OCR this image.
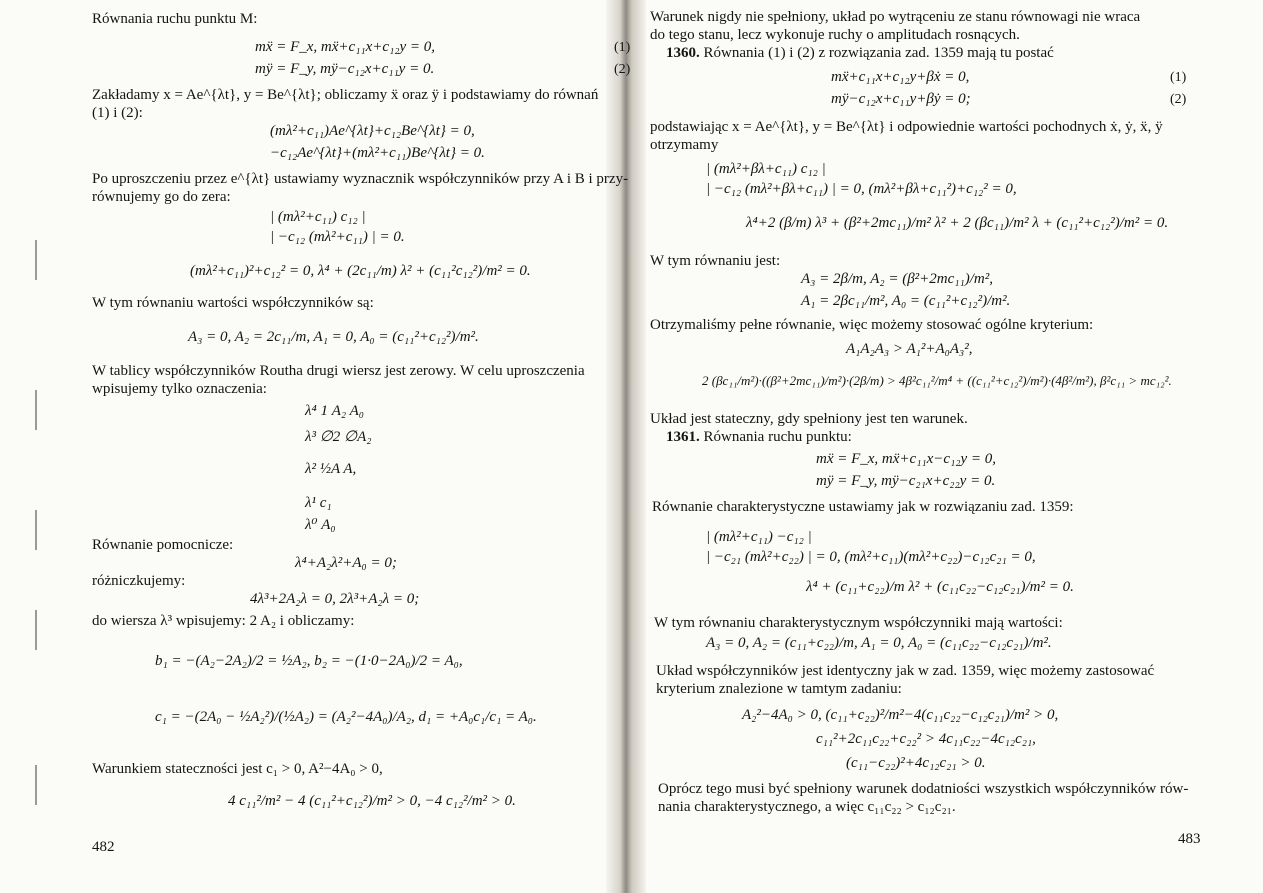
Równania ruchu punktu M:
mẍ = F_x, mẍ+c₁₁x+c₁₂y = 0,	(1)
mÿ = F_y, mÿ−c₁₂x+c₁₁y = 0.	(2)
Zakładamy x = Ae^{λt}, y = Be^{λt}; obliczamy ẍ oraz ÿ i podstawiamy do równań
(1) i (2):
(mλ²+c₁₁)Ae^{λt}+c₁₂Be^{λt} = 0,
−c₁₂Ae^{λt}+(mλ²+c₁₁)Be^{λt} = 0.
Po uproszczeniu przez e^{λt} ustawiamy wyznacznik współczynników przy A i B i przy-
równujemy go do zera:
| (mλ²+c₁₁) c₁₂ |
| −c₁₂ (mλ²+c₁₁) | = 0.
(mλ²+c₁₁)²+c₁₂² = 0, λ⁴ + (2c₁₁/m) λ² + (c₁₁²c₁₂²)/m² = 0.
W tym równaniu wartości współczynników są:
A₃ = 0, A₂ = 2c₁₁/m, A₁ = 0, A₀ = (c₁₁²+c₁₂²)/m².
W tablicy współczynników Routha drugi wiersz jest zerowy. W celu uproszczenia
wpisujemy tylko oznaczenia:
λ⁴ 1 A₂ A₀
λ³ ∅2 ∅A₂
λ² ½A A,
λ¹ c₁
λ⁰ A₀
Równanie pomocnicze:
λ⁴+A₂λ²+A₀ = 0;
różniczkujemy:
4λ³+2A₂λ = 0, 2λ³+A₂λ = 0;
do wiersza λ³ wpisujemy: 2 A₂ i obliczamy:
b₁ = −(A₂−2A₂)/2 = ½A₂, b₂ = −(1·0−2A₀)/2 = A₀,
c₁ = −(2A₀ − ½A₂²)/(½A₂) = (A₂²−4A₀)/A₂, d₁ = +A₀c₁/c₁ = A₀.
Warunkiem stateczności jest c₁ > 0, A²−4A₀ > 0,
4 c₁₁²/m² − 4 (c₁₁²+c₁₂²)/m² > 0, −4 c₁₂²/m² > 0.
482
Warunek nigdy nie spełniony, układ po wytrąceniu ze stanu równowagi nie wraca
do tego stanu, lecz wykonuje ruchy o amplitudach rosnących.
1360. Równania (1) i (2) z rozwiązania zad. 1359 mają tu postać
mẍ+c₁₁x+c₁₂y+βẋ = 0,	(1)
mÿ−c₁₂x+c₁₁y+βẏ = 0;	(2)
podstawiając x = Ae^{λt}, y = Be^{λt} i odpowiednie wartości pochodnych ẋ, ẏ, ẍ, ÿ
otrzymamy
| (mλ²+βλ+c₁₁) c₁₂ |
| −c₁₂ (mλ²+βλ+c₁₁) | = 0, (mλ²+βλ+c₁₁²)+c₁₂² = 0,
λ⁴+2 (β/m) λ³ + (β²+2mc₁₁)/m² λ² + 2 (βc₁₁)/m² λ + (c₁₁²+c₁₂²)/m² = 0.
W tym równaniu jest:
A₃ = 2β/m, A₂ = (β²+2mc₁₁)/m²,
A₁ = 2βc₁₁/m², A₀ = (c₁₁²+c₁₂²)/m².
Otrzymaliśmy pełne równanie, więc możemy stosować ogólne kryterium:
A₁A₂A₃ > A₁²+A₀A₃²,
2 (βc₁₁/m²)·((β²+2mc₁₁)/m²)·(2β/m) > 4β²c₁₁²/m⁴ + ((c₁₁²+c₁₂²)/m²)·(4β²/m²), β²c₁₁ > mc₁₂².
Układ jest stateczny, gdy spełniony jest ten warunek.
1361. Równania ruchu punktu:
mẍ = F_x, mẍ+c₁₁x−c₁₂y = 0,
mÿ = F_y, mÿ−c₂₁x+c₂₂y = 0.
Równanie charakterystyczne ustawiamy jak w rozwiązaniu zad. 1359:
| (mλ²+c₁₁) −c₁₂ |
| −c₂₁ (mλ²+c₂₂) | = 0, (mλ²+c₁₁)(mλ²+c₂₂)−c₁₂c₂₁ = 0,
λ⁴ + (c₁₁+c₂₂)/m λ² + (c₁₁c₂₂−c₁₂c₂₁)/m² = 0.
W tym równaniu charakterystycznym współczynniki mają wartości:
A₃ = 0, A₂ = (c₁₁+c₂₂)/m, A₁ = 0, A₀ = (c₁₁c₂₂−c₁₂c₂₁)/m².
Układ współczynników jest identyczny jak w zad. 1359, więc możemy zastosować
kryterium znalezione w tamtym zadaniu:
A₂²−4A₀ > 0, (c₁₁+c₂₂)²/m²−4(c₁₁c₂₂−c₁₂c₂₁)/m² > 0,
c₁₁²+2c₁₁c₂₂+c₂₂² > 4c₁₁c₂₂−4c₁₂c₂₁,
(c₁₁−c₂₂)²+4c₁₂c₂₁ > 0.
Oprócz tego musi być spełniony warunek dodatniości wszystkich współczynników rów-
nania charakterystycznego, a więc c₁₁c₂₂ > c₁₂c₂₁.
483
